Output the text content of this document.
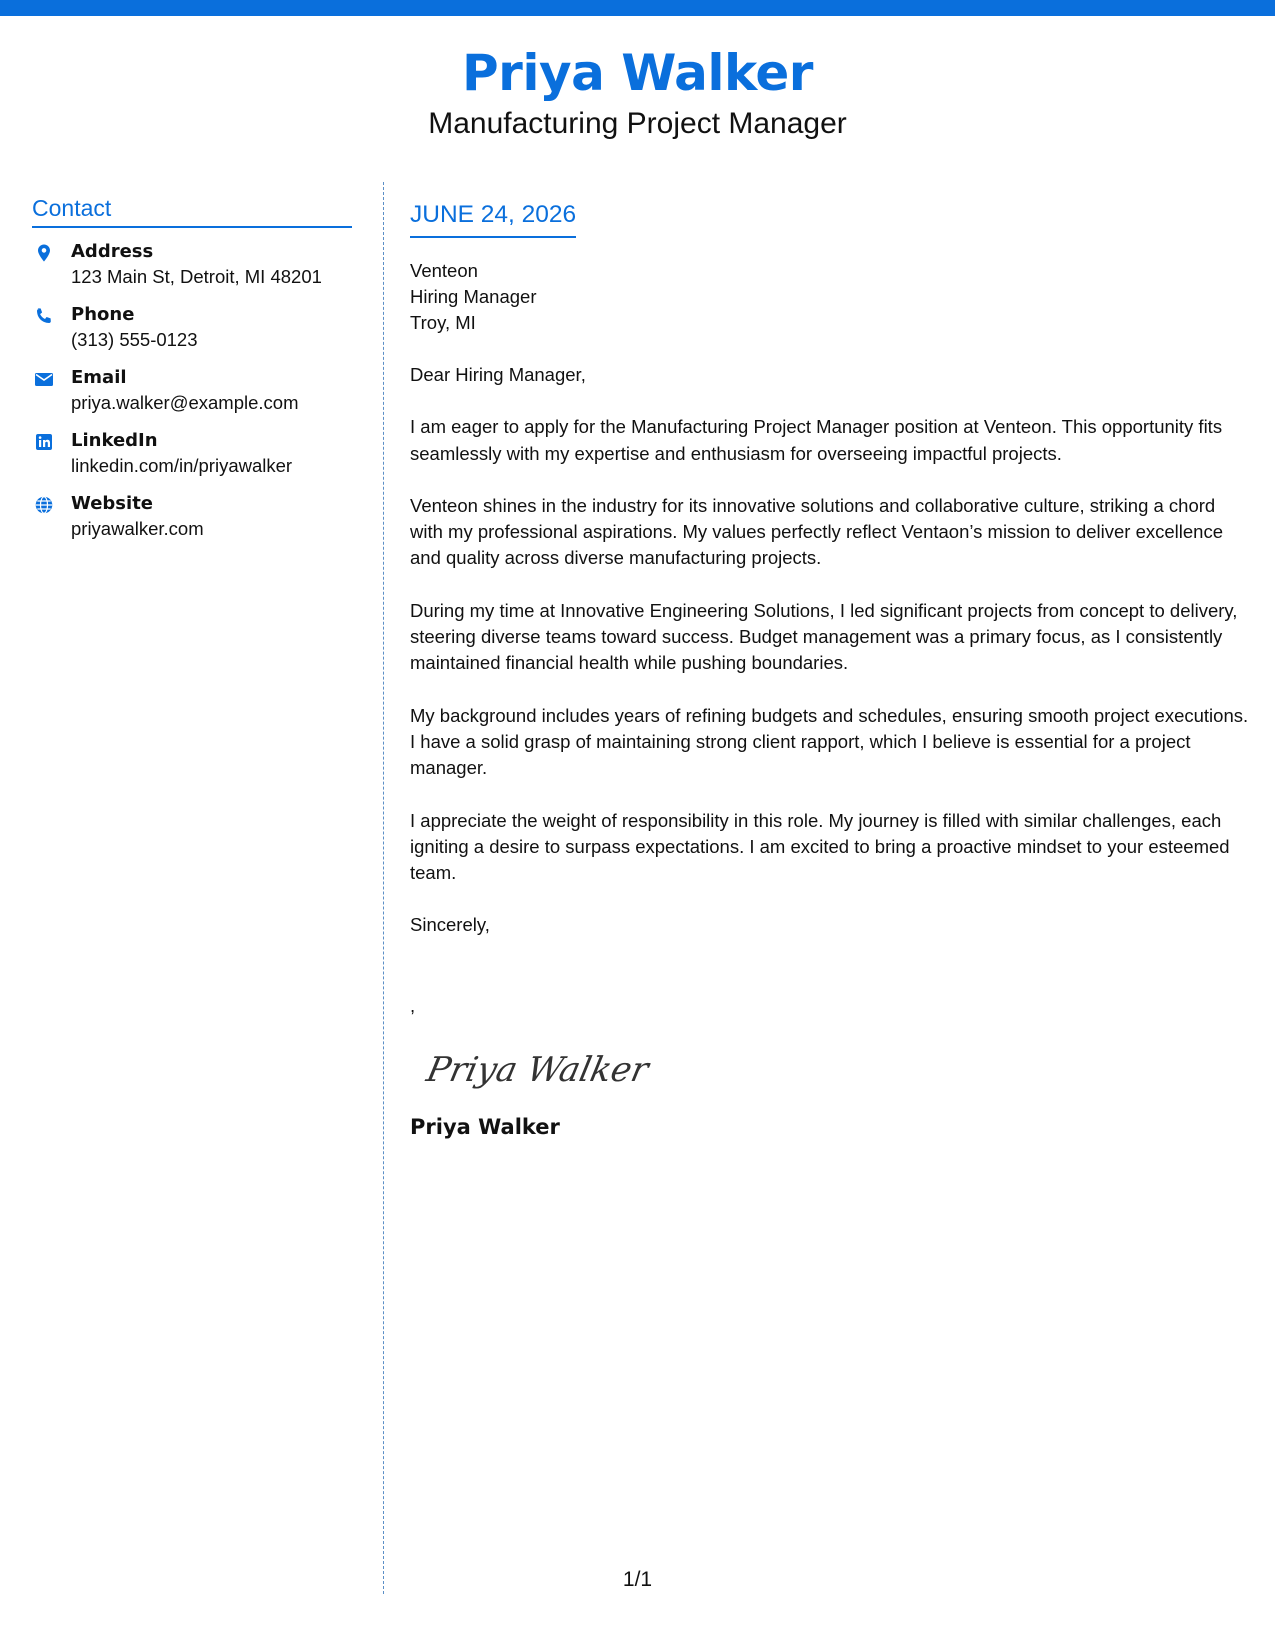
Priya Walker
Manufacturing Project Manager
Contact
Address
123 Main St, Detroit, MI 48201
Phone
(313) 555-0123
Email
priya.walker@example.com
LinkedIn
linkedin.com/in/priyawalker
Website
priyawalker.com
JUNE 24, 2026
Venteon
Hiring Manager
Troy, MI

Dear Hiring Manager,

I am eager to apply for the Manufacturing Project Manager position at Venteon. This opportunity fits seamlessly with my expertise and enthusiasm for overseeing impactful projects.

Venteon shines in the industry for its innovative solutions and collaborative culture, striking a chord with my professional aspirations. My values perfectly reflect Ventaon’s mission to deliver excellence and quality across diverse manufacturing projects.

During my time at Innovative Engineering Solutions, I led significant projects from concept to delivery, steering diverse teams toward success. Budget management was a primary focus, as I consistently maintained financial health while pushing boundaries.

My background includes years of refining budgets and schedules, ensuring smooth project executions. I have a solid grasp of maintaining strong client rapport, which I believe is essential for a project manager.

I appreciate the weight of responsibility in this role. My journey is filled with similar challenges, each igniting a desire to surpass expectations. I am excited to bring a proactive mindset to your esteemed team.

Sincerely,

,
Priya Walker
Priya Walker
1/1
